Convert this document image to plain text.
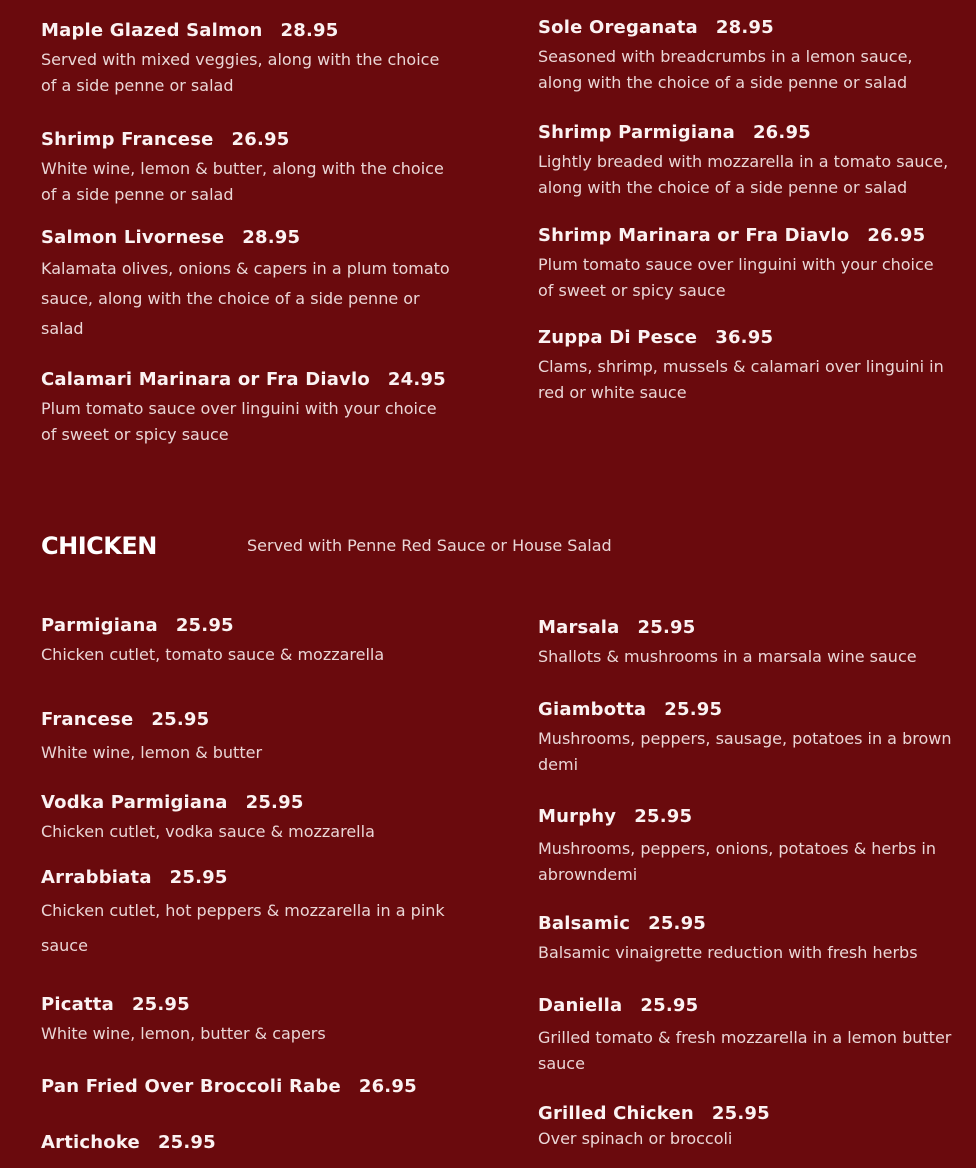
Maple Glazed Salmon 28.95
Served with mixed veggies, along with the choice of a side penne or salad
Shrimp Francese 26.95
White wine, lemon & butter, along with the choice of a side penne or salad
Salmon Livornese 28.95
Kalamata olives, onions & capers in a plum tomato sauce, along with the choice of a side penne or salad
Calamari Marinara or Fra Diavlo 24.95
Plum tomato sauce over linguini with your choice of sweet or spicy sauce
Sole Oreganata 28.95
Seasoned with breadcrumbs in a lemon sauce, along with the choice of a side penne or salad
Shrimp Parmigiana 26.95
Lightly breaded with mozzarella in a tomato sauce, along with the choice of a side penne or salad
Shrimp Marinara or Fra Diavlo 26.95
Plum tomato sauce over linguini with your choice of sweet or spicy sauce
Zuppa Di Pesce 36.95
Clams, shrimp, mussels & calamari over linguini in red or white sauce
CHICKEN	Served with Penne Red Sauce or House Salad
Parmigiana 25.95
Chicken cutlet, tomato sauce & mozzarella
Francese 25.95
White wine, lemon & butter
Vodka Parmigiana 25.95
Chicken cutlet, vodka sauce & mozzarella
Arrabbiata 25.95
Chicken cutlet, hot peppers & mozzarella in a pink sauce
Picatta 25.95
White wine, lemon, butter & capers
Pan Fried Over Broccoli Rabe 26.95
Artichoke 25.95
Marsala 25.95
Shallots & mushrooms in a marsala wine sauce
Giambotta 25.95
Mushrooms, peppers, sausage, potatoes in a brown demi
Murphy 25.95
Mushrooms, peppers, onions, potatoes & herbs in abrowndemi
Balsamic 25.95
Balsamic vinaigrette reduction with fresh herbs
Daniella 25.95
Grilled tomato & fresh mozzarella in a lemon butter sauce
Grilled Chicken 25.95
Over spinach or broccoli
